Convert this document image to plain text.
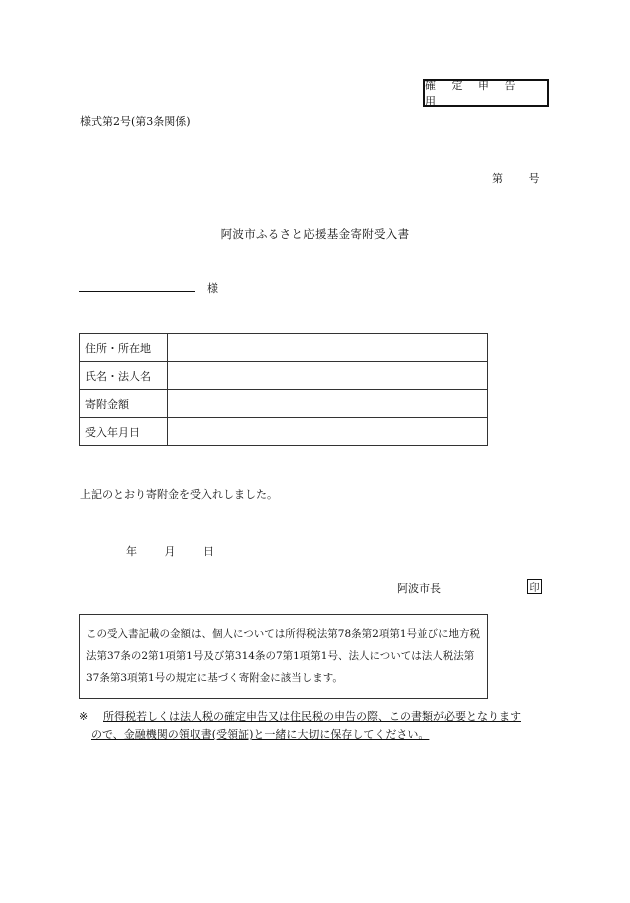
確 定 申 告 用
様式第2号(第3条関係)
第 号
阿波市ふるさと応援基金寄附受入書
様
住所・所在地	
氏名・法人名	
寄附金額	
受入年月日	
上記のとおり寄附金を受入れしました。
年 月 日
阿波市長	印
この受入書記載の金額は、個人については所得税法第78条第2項第1号並びに地方税法第37条の2第1項第1号及び第314条の7第1項第1号、法人については法人税法第37条第3項第1号の規定に基づく寄附金に該当します。
※ 所得税若しくは法人税の確定申告又は住民税の申告の際、この書類が必要となります
ので、金融機関の領収書(受領証)と一緒に大切に保存してください。
